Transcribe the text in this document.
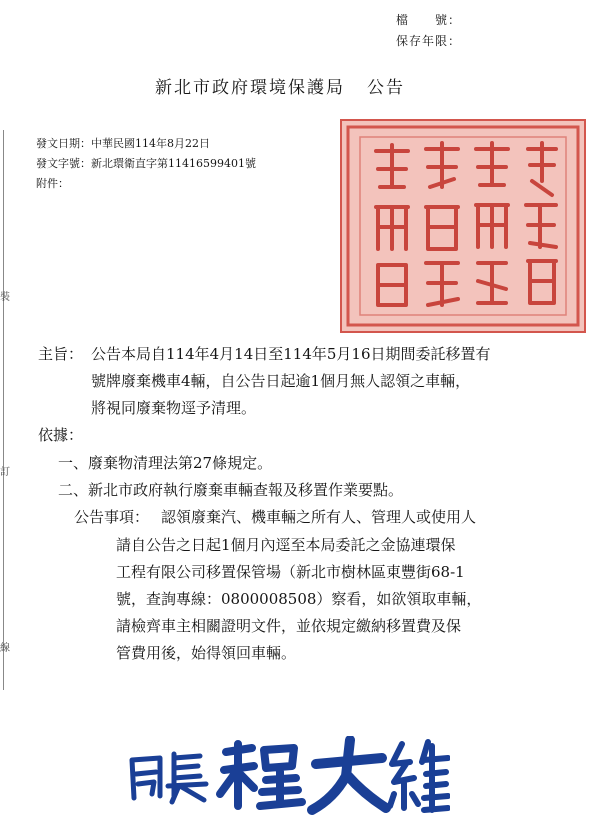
檔　　號：
保存年限：
新北市政府環境保護局 公告
裝
訂
線
發文日期：中華民國114年8月22日
發文字號：新北環衛直字第11416599401號
附件：
主旨： 公告本局自114年4月14日至114年5月16日期間委託移置有
號牌廢棄機車4輛，自公告日起逾1個月無人認領之車輛，
將視同廢棄物逕予清理。
依據：
一、廢棄物清理法第27條規定。
二、新北市政府執行廢棄車輛查報及移置作業要點。
公告事項： 認領廢棄汽、機車輛之所有人、管理人或使用人
請自公告之日起1個月內逕至本局委託之金協連環保
工程有限公司移置保管場（新北市樹林區東豐街68-1
號，查詢專線：0800008508）察看，如欲領取車輛，
請檢齊車主相關證明文件，並依規定繳納移置費及保
管費用後，始得領回車輛。
